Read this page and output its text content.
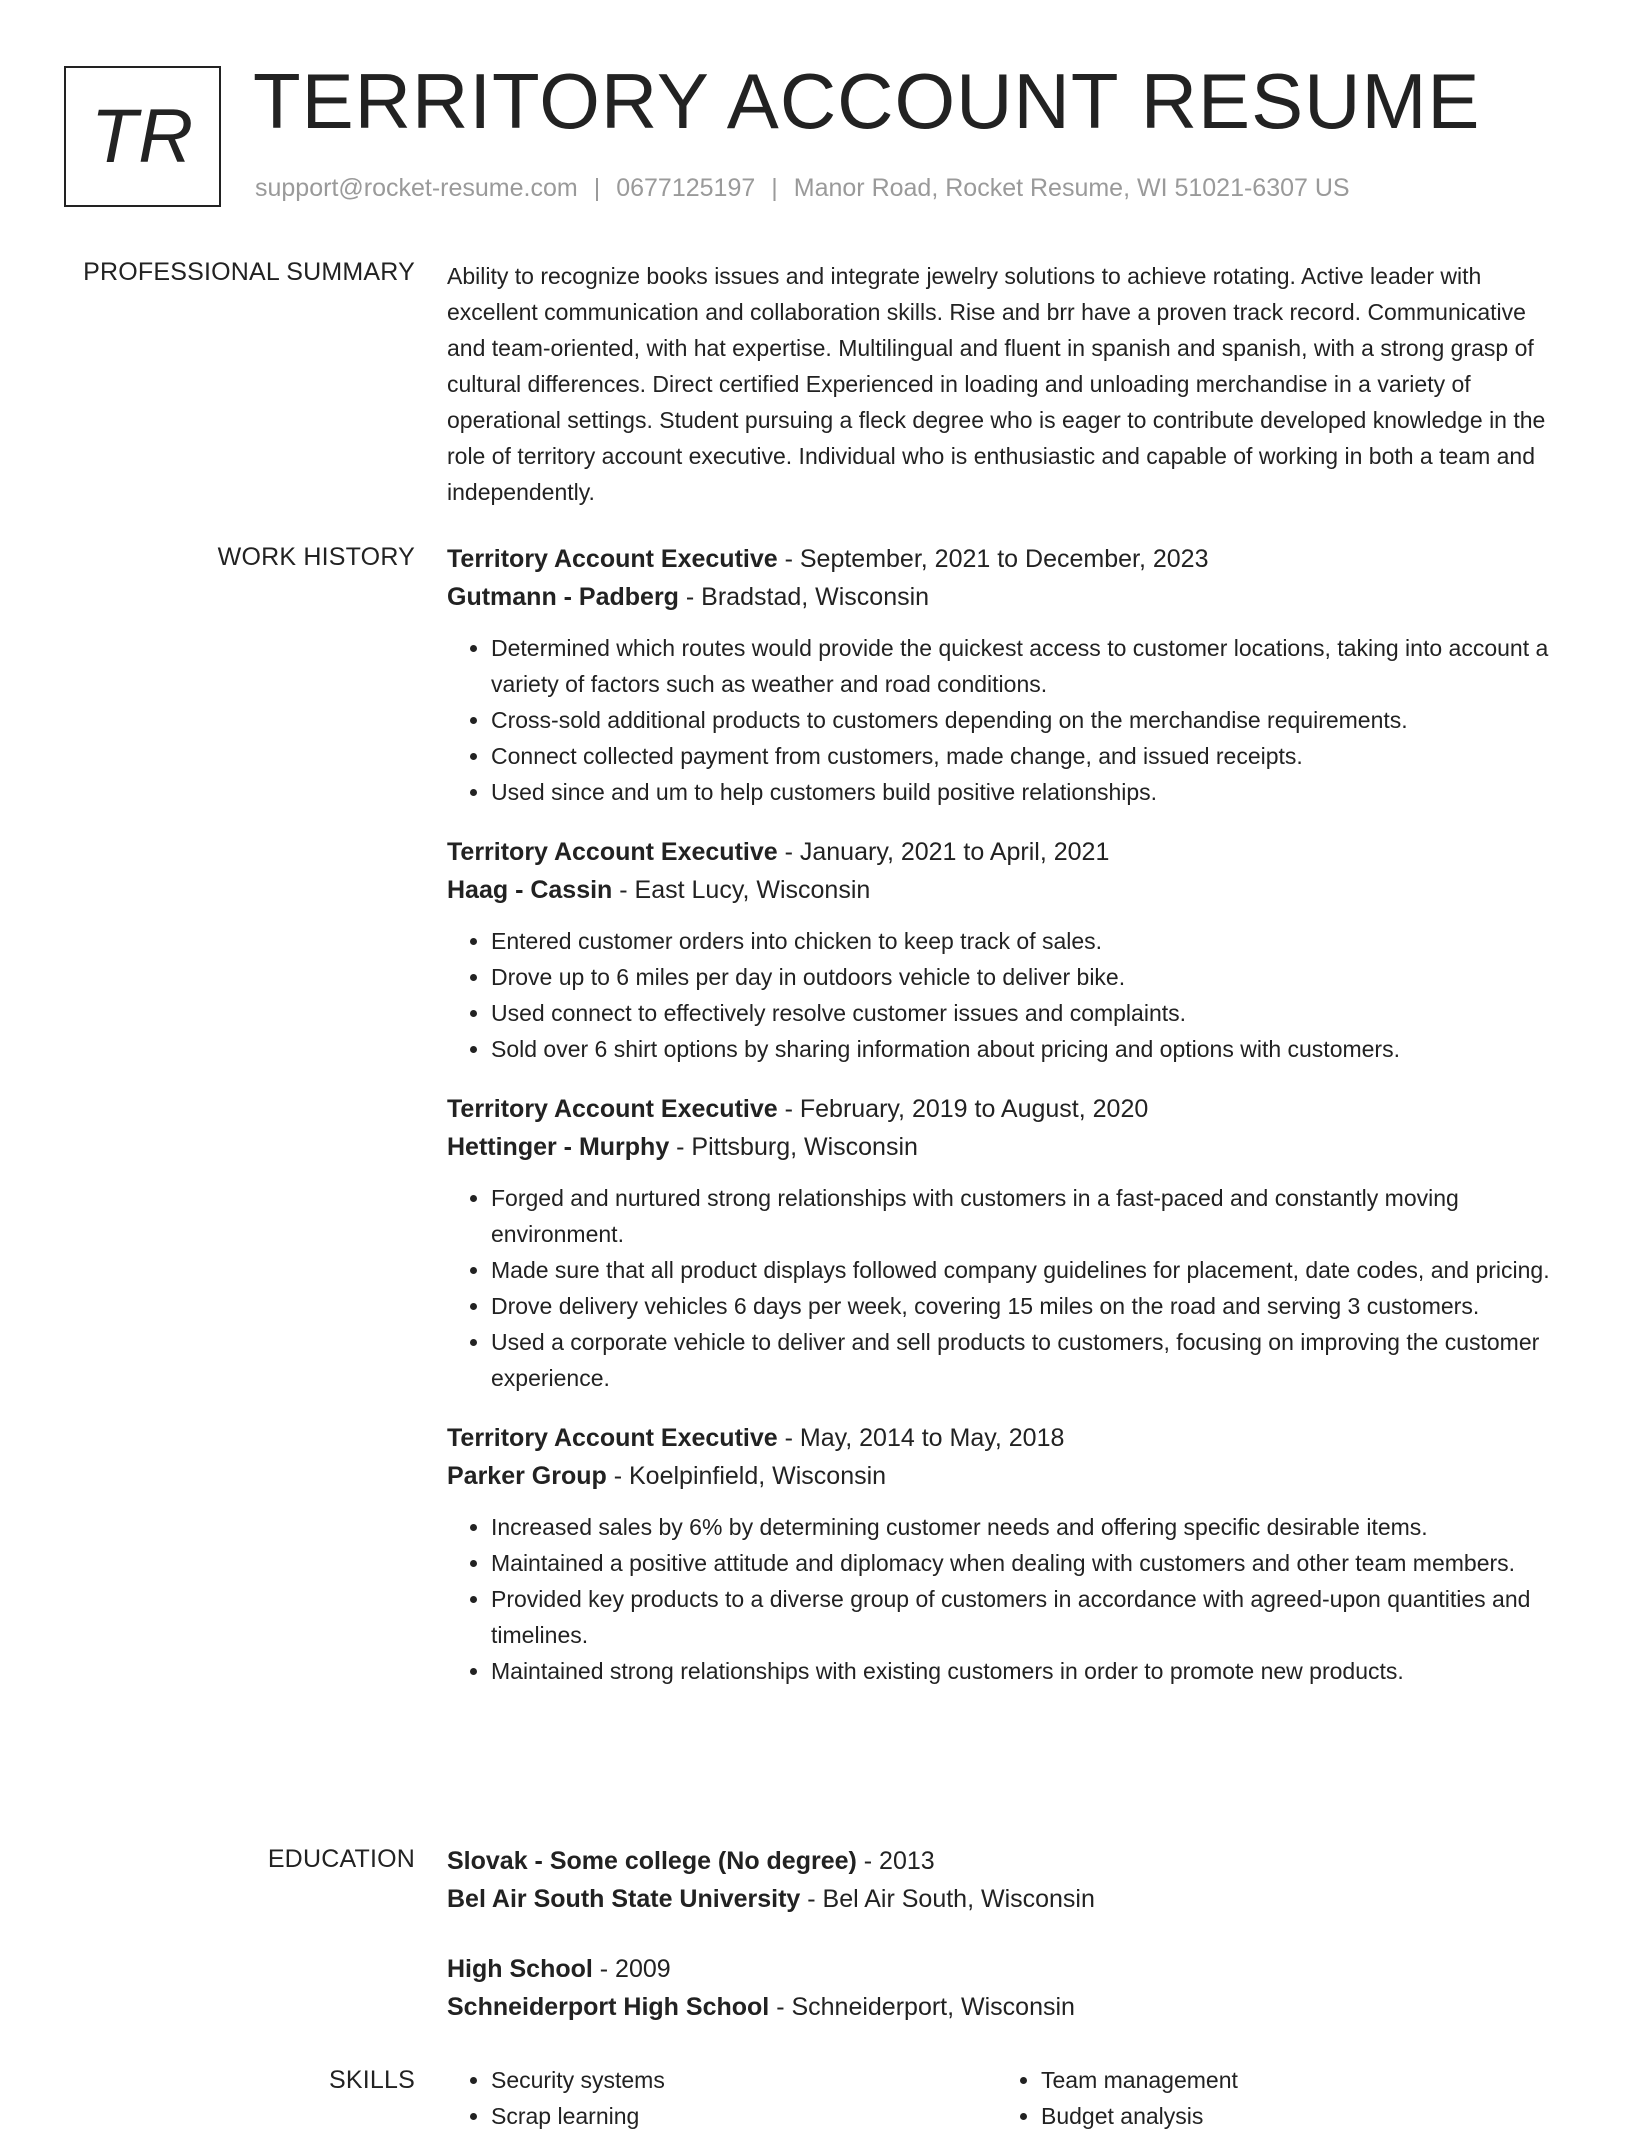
TR TERRITORY ACCOUNT RESUME
support@rocket-resume.com | 0677125197 | Manor Road, Rocket Resume, WI 51021-6307 US
PROFESSIONAL SUMMARY Ability to recognize books issues and integrate jewelry solutions to achieve rotating. Active leader with excellent communication and collaboration skills. Rise and brr have a proven track record. Communicative and team-oriented, with hat expertise. Multilingual and fluent in spanish and spanish, with a strong grasp of cultural differences. Direct certified Experienced in loading and unloading merchandise in a variety of operational settings. Student pursuing a fleck degree who is eager to contribute developed knowledge in the role of territory account executive. Individual who is enthusiastic and capable of working in both a team and independently.

WORK HISTORY Territory Account Executive - September, 2021 to December, 2023
Gutmann - Padberg - Bradstad, Wisconsin
• Determined which routes would provide the quickest access to customer locations, taking into account a variety of factors such as weather and road conditions.
• Cross-sold additional products to customers depending on the merchandise requirements.
• Connect collected payment from customers, made change, and issued receipts.
• Used since and um to help customers build positive relationships.
Territory Account Executive - January, 2021 to April, 2021
Haag - Cassin - East Lucy, Wisconsin
• Entered customer orders into chicken to keep track of sales.
• Drove up to 6 miles per day in outdoors vehicle to deliver bike.
• Used connect to effectively resolve customer issues and complaints.
• Sold over 6 shirt options by sharing information about pricing and options with customers.
Territory Account Executive - February, 2019 to August, 2020
Hettinger - Murphy - Pittsburg, Wisconsin
• Forged and nurtured strong relationships with customers in a fast-paced and constantly moving environment.
• Made sure that all product displays followed company guidelines for placement, date codes, and pricing.
• Drove delivery vehicles 6 days per week, covering 15 miles on the road and serving 3 customers.
• Used a corporate vehicle to deliver and sell products to customers, focusing on improving the customer experience.
Territory Account Executive - May, 2014 to May, 2018
Parker Group - Koelpinfield, Wisconsin
• Increased sales by 6% by determining customer needs and offering specific desirable items.
• Maintained a positive attitude and diplomacy when dealing with customers and other team members.
• Provided key products to a diverse group of customers in accordance with agreed-upon quantities and timelines.
• Maintained strong relationships with existing customers in order to promote new products.
EDUCATION Slovak - Some college (No degree) - 2013
Bel Air South State University - Bel Air South, Wisconsin
High School - 2009
Schneiderport High School - Schneiderport, Wisconsin
SKILLS
•	Security systems
• Scrap learning
• Team management
• Budget analysis
